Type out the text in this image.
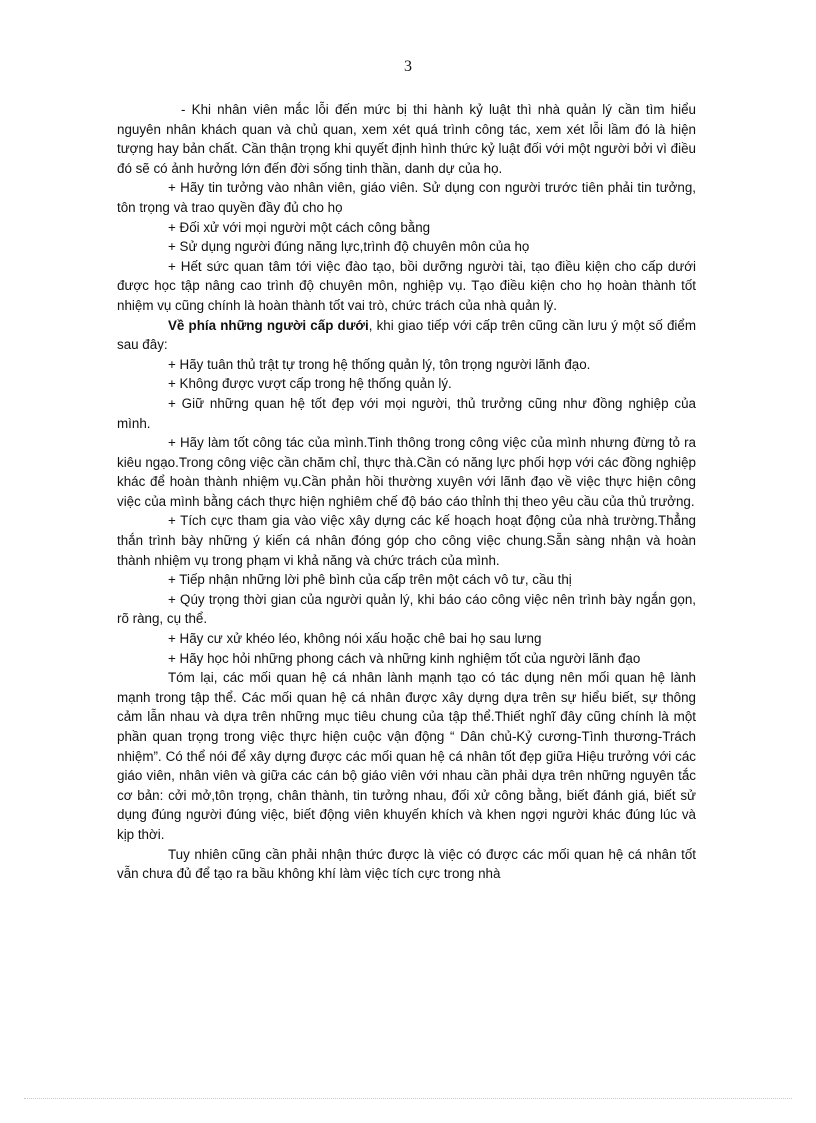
3

- Khi nhân viên mắc lỗi đến mức bị thi hành kỷ luật thì nhà quản lý cần tìm hiểu nguyên nhân khách quan và chủ quan, xem xét quá trình công tác, xem xét lỗi lầm đó là hiện tượng hay bản chất. Cần thận trọng khi quyết định hình thức kỷ luật đối với một người bởi vì điều đó sẽ có ảnh hưởng lớn đến đời sống tinh thần, danh dự của họ.

+ Hãy tin tưởng vào nhân viên, giáo viên. Sử dụng con người trước tiên phải tin tưởng, tôn trọng và trao quyền đầy đủ cho họ

+ Đối xử với mọi người một cách công bằng

+ Sử dụng người đúng năng lực,trình độ chuyên môn của họ

+ Hết sức quan tâm tới việc đào tạo, bồi dưỡng người tài, tạo điều kiện cho cấp dưới được học tập nâng cao trình độ chuyên môn, nghiệp vụ. Tạo điều kiện cho họ hoàn thành tốt nhiệm vụ cũng chính là hoàn thành tốt vai trò, chức trách của nhà quản lý.

Về phía những người cấp dưới, khi giao tiếp với cấp trên cũng cần lưu ý một số điểm sau đây:

+ Hãy tuân thủ trật tự trong hệ thống quản lý, tôn trọng người lãnh đạo.

+ Không được vượt cấp trong hệ thống quản lý.

+ Giữ những quan hệ tốt đẹp với mọi người, thủ trưởng cũng như đồng nghiệp của mình.

+ Hãy làm tốt công tác của mình.Tinh thông trong công việc của mình nhưng đừng tỏ ra kiêu ngạo.Trong công việc cần chăm chỉ, thực thà.Cần có năng lực phối hợp với các đồng nghiệp khác để hoàn thành nhiệm vụ.Cần phản hồi thường xuyên với lãnh đạo về việc thực hiện công việc của mình bằng cách thực hiện nghiêm chế độ báo cáo thỉnh thị theo yêu cầu của thủ trưởng.

+ Tích cực tham gia vào việc xây dựng các kế hoạch hoạt động của nhà trường.Thẳng thắn trình bày những ý kiến cá nhân đóng góp cho công việc chung.Sẵn sàng nhận và hoàn thành nhiệm vụ trong phạm vi khả năng và chức trách của mình.

+ Tiếp nhận những lời phê bình của cấp trên một cách vô tư, cầu thị

+ Qúy trọng thời gian của người quản lý, khi báo cáo công việc nên trình bày ngắn gọn, rõ ràng, cụ thể.

+ Hãy cư xử khéo léo, không nói xấu hoặc chê bai họ sau lưng

+ Hãy học hỏi những phong cách và những kinh nghiệm tốt của người lãnh đạo

Tóm lại, các mối quan hệ cá nhân lành mạnh tạo có tác dụng nên mối quan hệ lành mạnh trong tập thể. Các mối quan hệ cá nhân được xây dựng dựa trên sự hiểu biết, sự thông cảm lẫn nhau và dựa trên những mục tiêu chung của tập thể.Thiết nghĩ đây cũng chính là một phần quan trọng trong việc thực hiện cuộc vận động “ Dân chủ-Kỷ cương-Tình thương-Trách nhiệm”. Có thể nói để xây dựng được các mối quan hệ cá nhân tốt đẹp giữa Hiệu trưởng với các giáo viên, nhân viên và giữa các cán bộ giáo viên với nhau cần phải dựa trên những nguyên tắc cơ bản: cởi mở,tôn trọng, chân thành, tin tưởng nhau, đối xử công bằng, biết đánh giá, biết sử dụng đúng người đúng việc, biết động viên khuyến khích và khen ngợi người khác đúng lúc và kịp thời.

Tuy nhiên cũng cần phải nhận thức được là việc có được các mối quan hệ cá nhân tốt vẫn chưa đủ để tạo ra bầu không khí làm việc tích cực trong nhà
